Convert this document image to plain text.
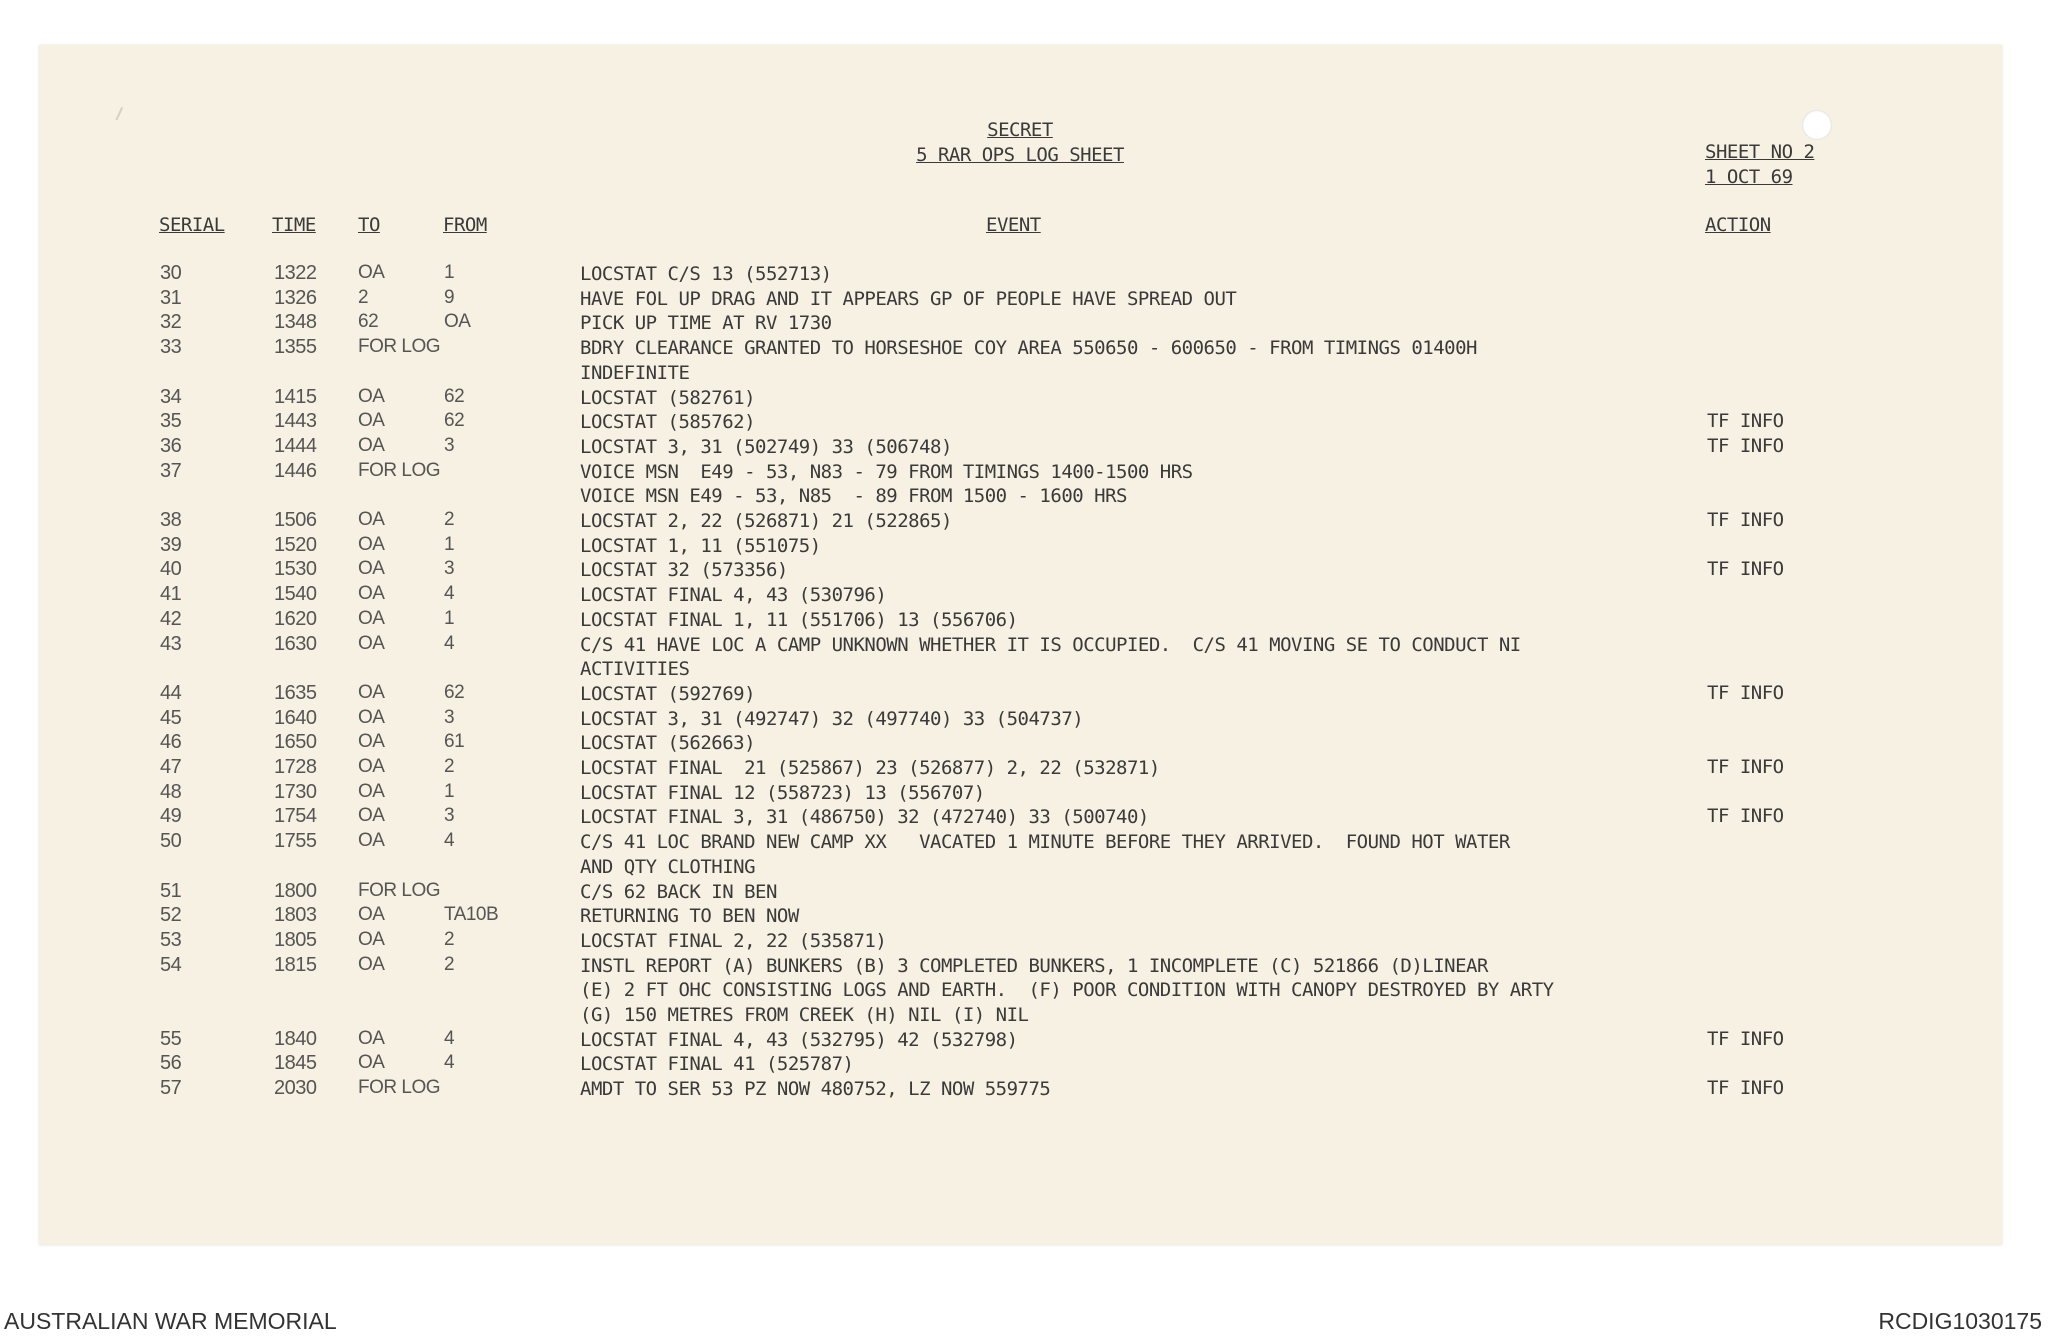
SECRET
5 RAR OPS LOG SHEET	SHEET NO 2
1 OCT 69
SERIAL TIME TO	FROM	EVENT	ACTION
30	1322 OA	1	LOCSTAT C/S 13 (552713)
31	1326 2	9	HAVE FOL UP DRAG AND IT APPEARS GP OF PEOPLE HAVE SPREAD OUT
32	1348 62	OA	PICK UP TIME AT RV 1730
33	1355 FOR LOG	BDRY CLEARANCE GRANTED TO HORSESHOE COY AREA 550650 - 600650 - FROM TIMINGS 01400H
INDEFINITE
34	1415 OA	62	LOCSTAT (582761)
35	1443 OA	62	LOCSTAT (585762)	TF INFO
36	1444 OA	3	LOCSTAT 3, 31 (502749) 33 (506748)	TF INFO
37	1446 FOR LOG	VOICE MSN  E49 - 53, N83 - 79 FROM TIMINGS 1400-1500 HRS
VOICE MSN E49 - 53, N85  - 89 FROM 1500 - 1600 HRS
38	1506 OA	2	LOCSTAT 2, 22 (526871) 21 (522865)	TF INFO
39	1520 OA	1	LOCSTAT 1, 11 (551075)
40	1530 OA	3	LOCSTAT 32 (573356)	TF INFO
41	1540 OA	4	LOCSTAT FINAL 4, 43 (530796)
42	1620 OA	1	LOCSTAT FINAL 1, 11 (551706) 13 (556706)
43	1630 OA	4	C/S 41 HAVE LOC A CAMP UNKNOWN WHETHER IT IS OCCUPIED.  C/S 41 MOVING SE TO CONDUCT NI
ACTIVITIES
44	1635 OA	62	LOCSTAT (592769)	TF INFO
45	1640 OA	3	LOCSTAT 3, 31 (492747) 32 (497740) 33 (504737)
46	1650 OA	61	LOCSTAT (562663)
47	1728 OA	2	LOCSTAT FINAL  21 (525867) 23 (526877) 2, 22 (532871)	TF INFO
48	1730 OA	1	LOCSTAT FINAL 12 (558723) 13 (556707)
49	1754 OA	3	LOCSTAT FINAL 3, 31 (486750) 32 (472740) 33 (500740)	TF INFO
50	1755 OA	4	C/S 41 LOC BRAND NEW CAMP XX   VACATED 1 MINUTE BEFORE THEY ARRIVED.  FOUND HOT WATER
AND QTY CLOTHING
51	1800 FOR LOG	C/S 62 BACK IN BEN
52	1803 OA	TA10B	RETURNING TO BEN NOW
53	1805 OA	2	LOCSTAT FINAL 2, 22 (535871)
54	1815 OA	2	INSTL REPORT (A) BUNKERS (B) 3 COMPLETED BUNKERS, 1 INCOMPLETE (C) 521866 (D)LINEAR
(E) 2 FT OHC CONSISTING LOGS AND EARTH.  (F) POOR CONDITION WITH CANOPY DESTROYED BY ARTY
(G) 150 METRES FROM CREEK (H) NIL (I) NIL
55	1840 OA	4	LOCSTAT FINAL 4, 43 (532795) 42 (532798)	TF INFO
56	1845 OA	4	LOCSTAT FINAL 41 (525787)
57	2030 FOR LOG	AMDT TO SER 53 PZ NOW 480752, LZ NOW 559775	TF INFO
AUSTRALIAN WAR MEMORIAL	RCDIG1030175
